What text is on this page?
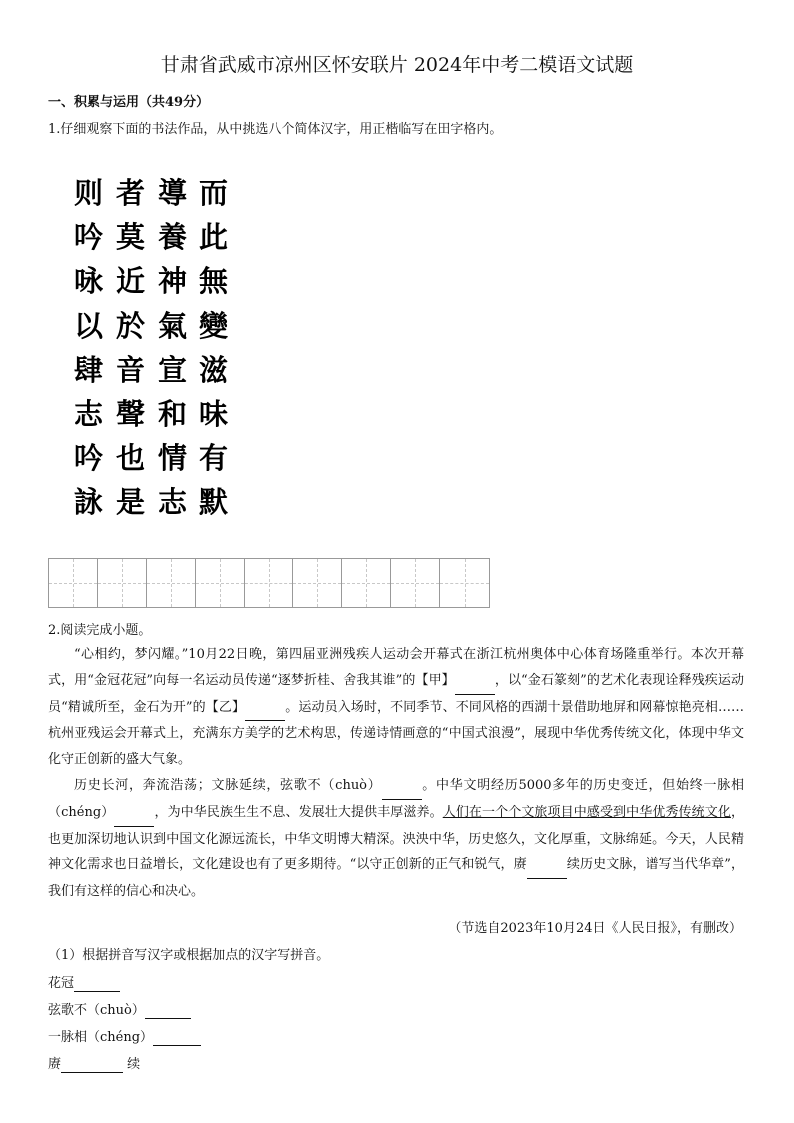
甘肃省武威市凉州区怀安联片 2024年中考二模语文试题
一、积累与运用（共49分）
1.仔细观察下面的书法作品，从中挑选八个简体汉字，用正楷临写在田字格内。
则 者 導 而
吟 莫 養 此
咏 近 神 無
以 於 氣 變
肆 音 宣 滋
志 聲 和 味
吟 也 情 有
詠 是 志 默
2.阅读完成小题。

“心相约，梦闪耀。”10月22日晚，第四届亚洲残疾人运动会开幕式在浙江杭州奥体中心体育场隆重举行。本次开幕式，用“金冠花冠”向每一名运动员传递“逐梦折桂、舍我其谁”的【甲】	，以“金石篆刻”的艺术化表现诠释残疾运动员“精诚所至，金石为开”的【乙】	。运动员入场时，不同季节、不同风格的西湖十景借助地屏和网幕惊艳亮相……杭州亚残运会开幕式上，充满东方美学的艺术构思，传递诗情画意的“中国式浪漫”，展现中华优秀传统文化，体现中华文化守正创新的盛大气象。

历史长河，奔流浩荡；文脉延续，弦歌不（chuò）	。中华文明经历5000多年的历史变迁，但始终一脉相（chéng）	，为中华民族生生不息、发展壮大提供丰厚滋养。人们在一个个文旅项目中感受到中华优秀传统文化，也更加深切地认识到中国文化源远流长，中华文明博大精深。泱泱中华，历史悠久，文化厚重，文脉绵延。今天，人民精神文化需求也日益增长，文化建设也有了更多期待。“以守正创新的正气和锐气，赓	续历史文脉，谱写当代华章”，我们有这样的信心和决心。

（节选自2023年10月24日《人民日报》，有删改）
（1）根据拼音写汉字或根据加点的汉字写拼音。
花冠
弦歌不（chuò）
一脉相（chéng）
赓	续
